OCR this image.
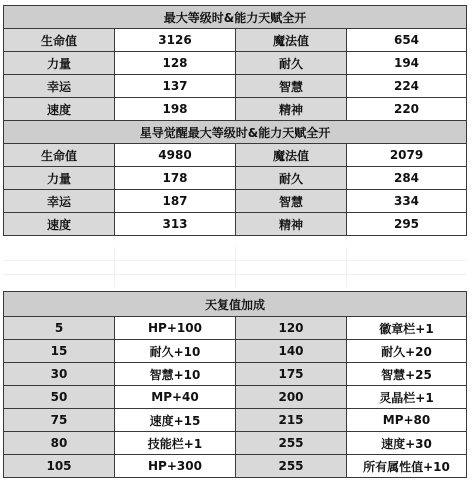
最大等级时&能力天赋全开			
生命值	3126	魔法值	654
力量	128	耐久	194
幸运	137	智慧	224
速度	198	精神	220
星导觉醒最大等级时&能力天赋全开			
生命值	4980	魔法值	2079
力量	178	耐久	284
幸运	187	智慧	334
速度	313	精神	295
天复值加成			
5	HP+100	120	徽章栏+1
15	耐久+10	140	耐久+20
30	智慧+10	175	智慧+25
50	MP+40	200	灵晶栏+1
75	速度+15	215	MP+80
80	技能栏+1	255	速度+30
105	HP+300	255	所有属性值+10
